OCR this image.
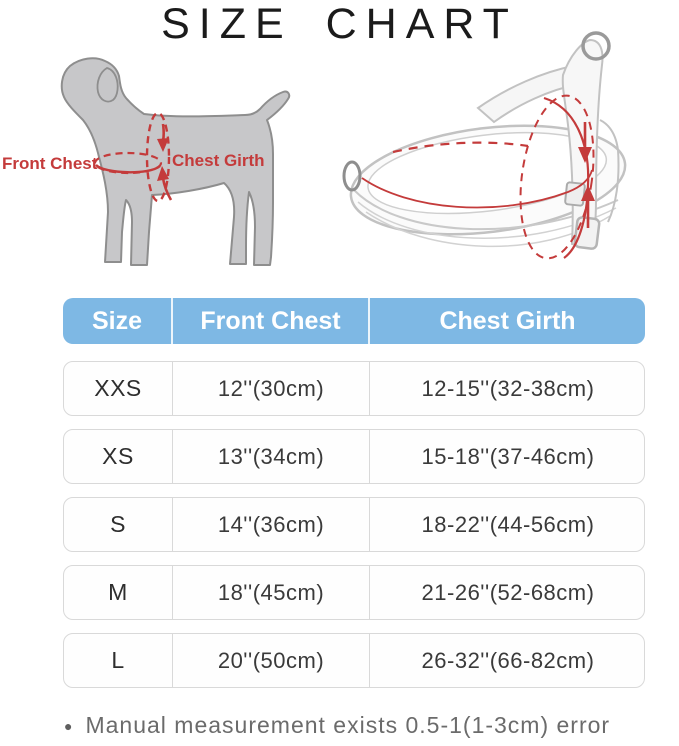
SIZE CHART
Front Chest	Chest Girth
Size	Front Chest	Chest Girth
XXS	12''(30cm)	12-15''(32-38cm)
XS	13''(34cm)	15-18''(37-46cm)
S	14''(36cm)	18-22''(44-56cm)
M	18''(45cm)	21-26''(52-68cm)
L	20''(50cm)	26-32''(66-82cm)
● Manual measurement exists 0.5-1(1-3cm) error
